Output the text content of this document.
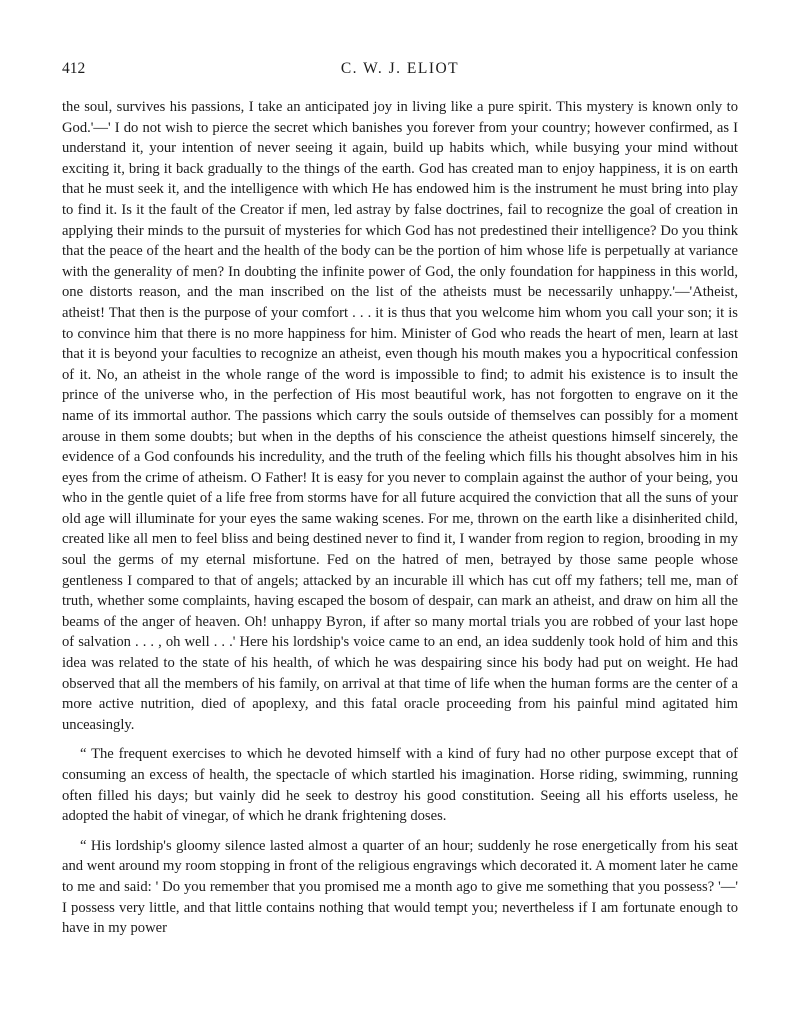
412	C. W. J. ELIOT

the soul, survives his passions, I take an anticipated joy in living like a pure spirit. This mystery is known only to God.'—' I do not wish to pierce the secret which banishes you forever from your country; however confirmed, as I understand it, your intention of never seeing it again, build up habits which, while busying your mind without exciting it, bring it back gradually to the things of the earth. God has created man to enjoy happiness, it is on earth that he must seek it, and the intelligence with which He has endowed him is the instrument he must bring into play to find it. Is it the fault of the Creator if men, led astray by false doctrines, fail to recognize the goal of creation in applying their minds to the pursuit of mysteries for which God has not predestined their intelligence? Do you think that the peace of the heart and the health of the body can be the portion of him whose life is perpetually at variance with the generality of men? In doubting the infinite power of God, the only foundation for happiness in this world, one distorts reason, and the man inscribed on the list of the atheists must be necessarily unhappy.'—'Atheist, atheist! That then is the purpose of your comfort . . . it is thus that you welcome him whom you call your son; it is to convince him that there is no more happiness for him. Minister of God who reads the heart of men, learn at last that it is beyond your faculties to recognize an atheist, even though his mouth makes you a hypocritical confession of it. No, an atheist in the whole range of the word is impossible to find; to admit his existence is to insult the prince of the universe who, in the perfection of His most beautiful work, has not forgotten to engrave on it the name of its immortal author. The passions which carry the souls outside of themselves can possibly for a moment arouse in them some doubts; but when in the depths of his conscience the atheist questions himself sincerely, the evidence of a God confounds his incredulity, and the truth of the feeling which fills his thought absolves him in his eyes from the crime of atheism. O Father! It is easy for you never to complain against the author of your being, you who in the gentle quiet of a life free from storms have for all future acquired the conviction that all the suns of your old age will illuminate for your eyes the same waking scenes. For me, thrown on the earth like a disinherited child, created like all men to feel bliss and being destined never to find it, I wander from region to region, brooding in my soul the germs of my eternal misfortune. Fed on the hatred of men, betrayed by those same people whose gentleness I compared to that of angels; attacked by an incurable ill which has cut off my fathers; tell me, man of truth, whether some complaints, having escaped the bosom of despair, can mark an atheist, and draw on him all the beams of the anger of heaven. Oh! unhappy Byron, if after so many mortal trials you are robbed of your last hope of salvation . . . , oh well . . .' Here his lordship's voice came to an end, an idea suddenly took hold of him and this idea was related to the state of his health, of which he was despairing since his body had put on weight. He had observed that all the members of his family, on arrival at that time of life when the human forms are the center of a more active nutrition, died of apoplexy, and this fatal oracle proceeding from his painful mind agitated him unceasingly.

“ The frequent exercises to which he devoted himself with a kind of fury had no other purpose except that of consuming an excess of health, the spectacle of which startled his imagination. Horse riding, swimming, running often filled his days; but vainly did he seek to destroy his good constitution. Seeing all his efforts useless, he adopted the habit of vinegar, of which he drank frightening doses.

“ His lordship's gloomy silence lasted almost a quarter of an hour; suddenly he rose energetically from his seat and went around my room stopping in front of the religious engravings which decorated it. A moment later he came to me and said: ' Do you remember that you promised me a month ago to give me something that you possess? '—' I possess very little, and that little contains nothing that would tempt you; nevertheless if I am fortunate enough to have in my power
